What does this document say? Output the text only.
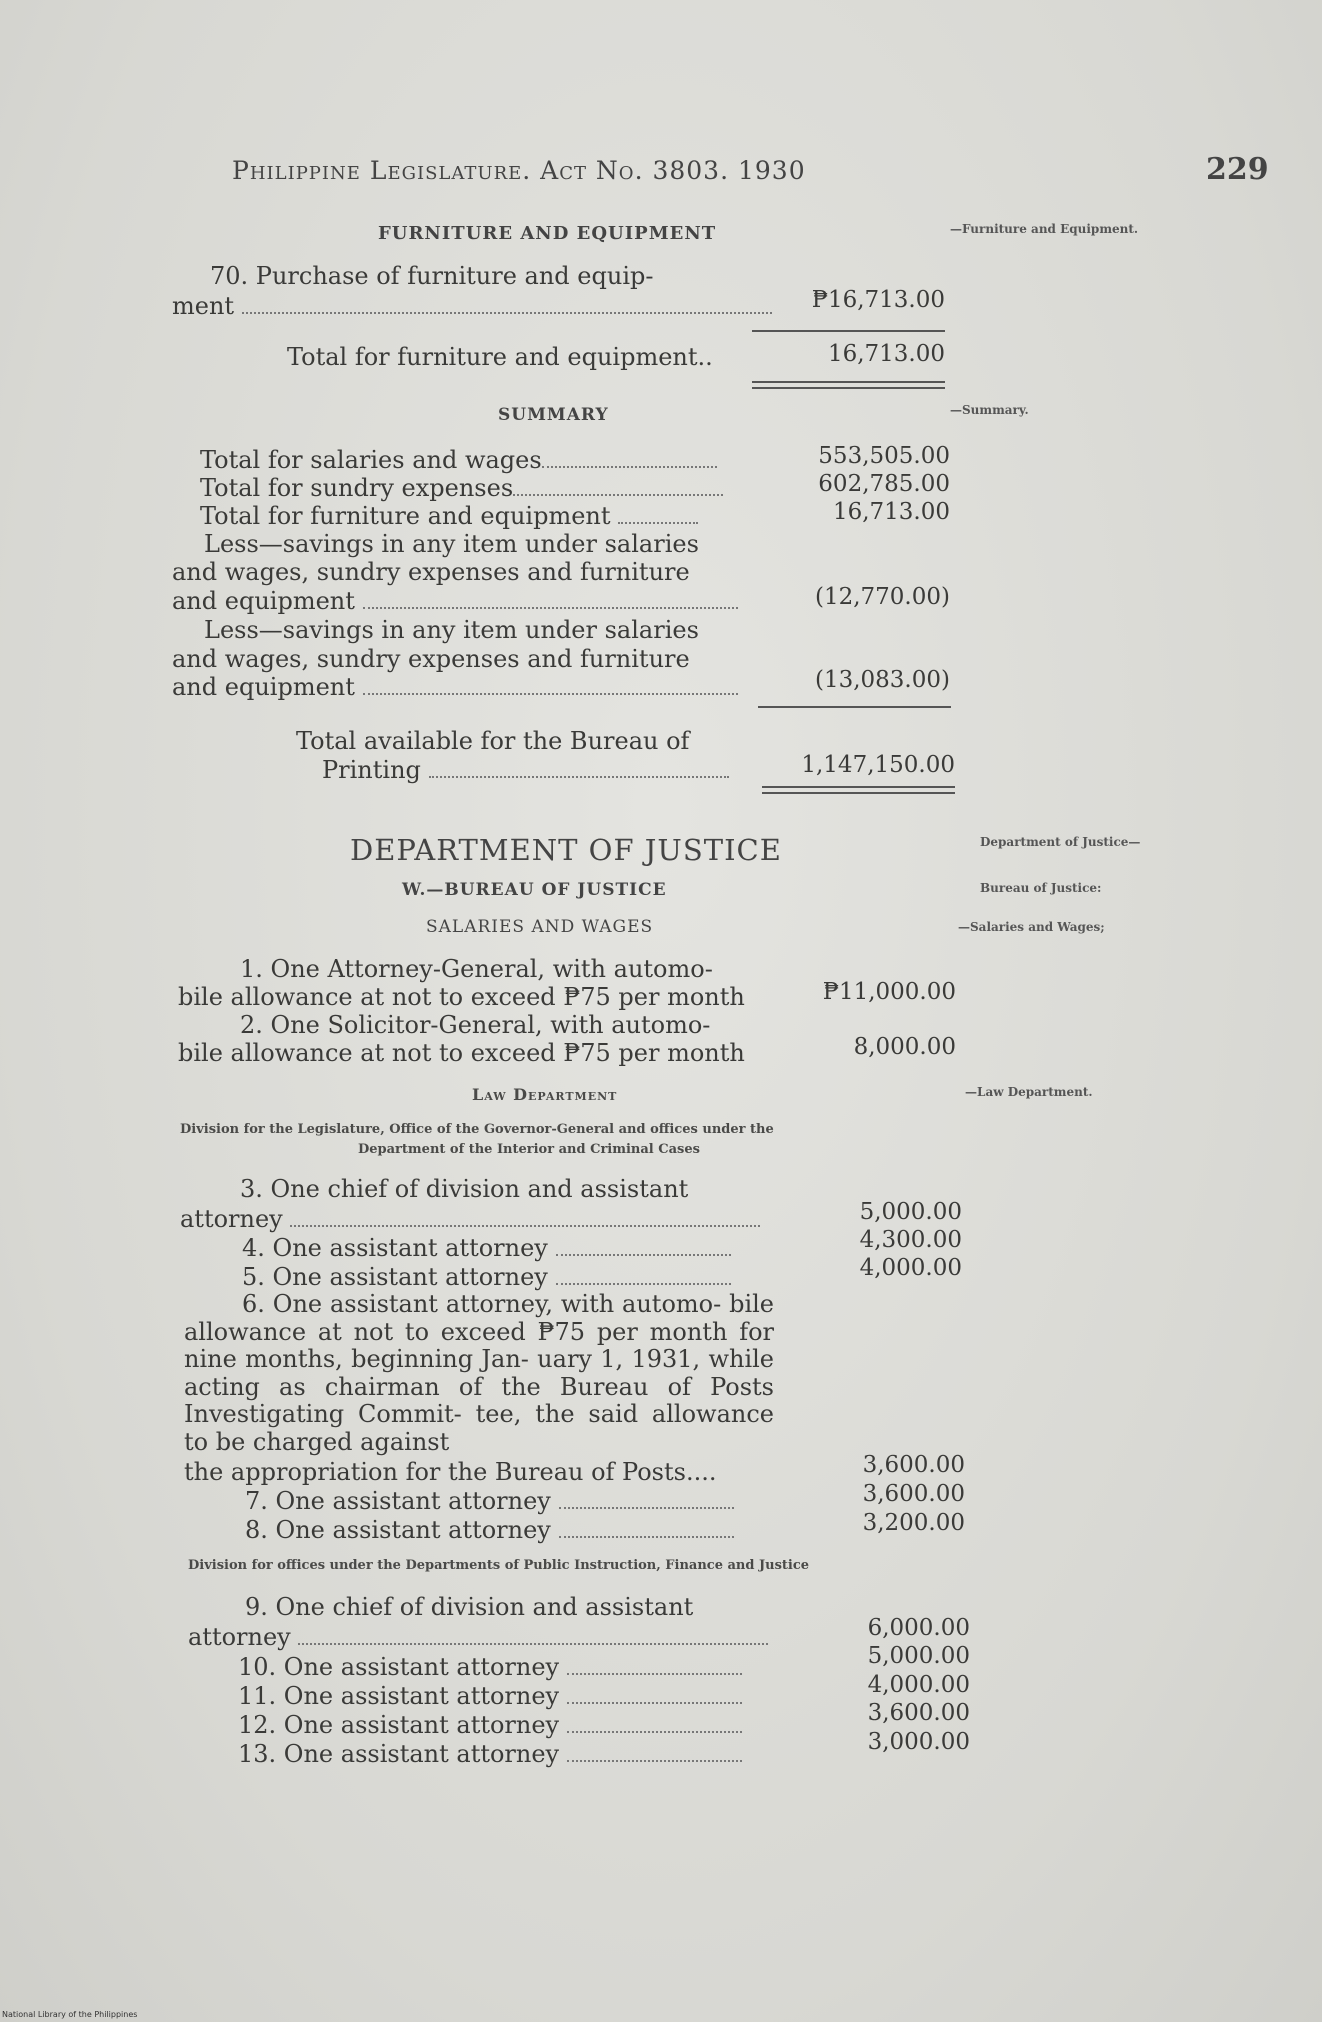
Philippine Legislature. Act No. 3803. 1930	229
FURNITURE AND EQUIPMENT	—Furniture and Equipment.
70. Purchase of furniture and equip-
ment	₱16,713.00
Total for furniture and equipment..	16,713.00
SUMMARY	—Summary.
Total for salaries and wages	553,505.00
Total for sundry expenses	602,785.00
Total for furniture and equipment	16,713.00
Less—savings in any item under salaries
and wages, sundry expenses and furniture
and equipment	(12,770.00)
Less—savings in any item under salaries
and wages, sundry expenses and furniture
and equipment	(13,083.00)
Total available for the Bureau of
Printing	1,147,150.00
DEPARTMENT OF JUSTICE	Department of Justice—
W.—BUREAU OF JUSTICE	Bureau of Justice:
SALARIES AND WAGES	—Salaries and Wages;
1. One Attorney-General, with automo-
bile allowance at not to exceed ₱75 per month	₱11,000.00
2. One Solicitor-General, with automo-
bile allowance at not to exceed ₱75 per month	8,000.00
Law Department	—Law Department.
Division for the Legislature, Office of the Governor-General and offices under the
Department of the Interior and Criminal Cases
3. One chief of division and assistant
attorney	5,000.00
4. One assistant attorney	4,300.00
5. One assistant attorney	4,000.00
6. One assistant attorney, with automo- bile allowance at not to exceed ₱75 per month for nine months, beginning Jan- uary 1, 1931, while acting as chairman of the Bureau of Posts Investigating Commit- tee, the said allowance to be charged against
the appropriation for the Bureau of Posts....	3,600.00
7. One assistant attorney	3,600.00
8. One assistant attorney	3,200.00
Division for offices under the Departments of Public Instruction, Finance and Justice
9. One chief of division and assistant
attorney	6,000.00
10. One assistant attorney	5,000.00
11. One assistant attorney	4,000.00
12. One assistant attorney	3,600.00
13. One assistant attorney	3,000.00
National Library of the Philippines
